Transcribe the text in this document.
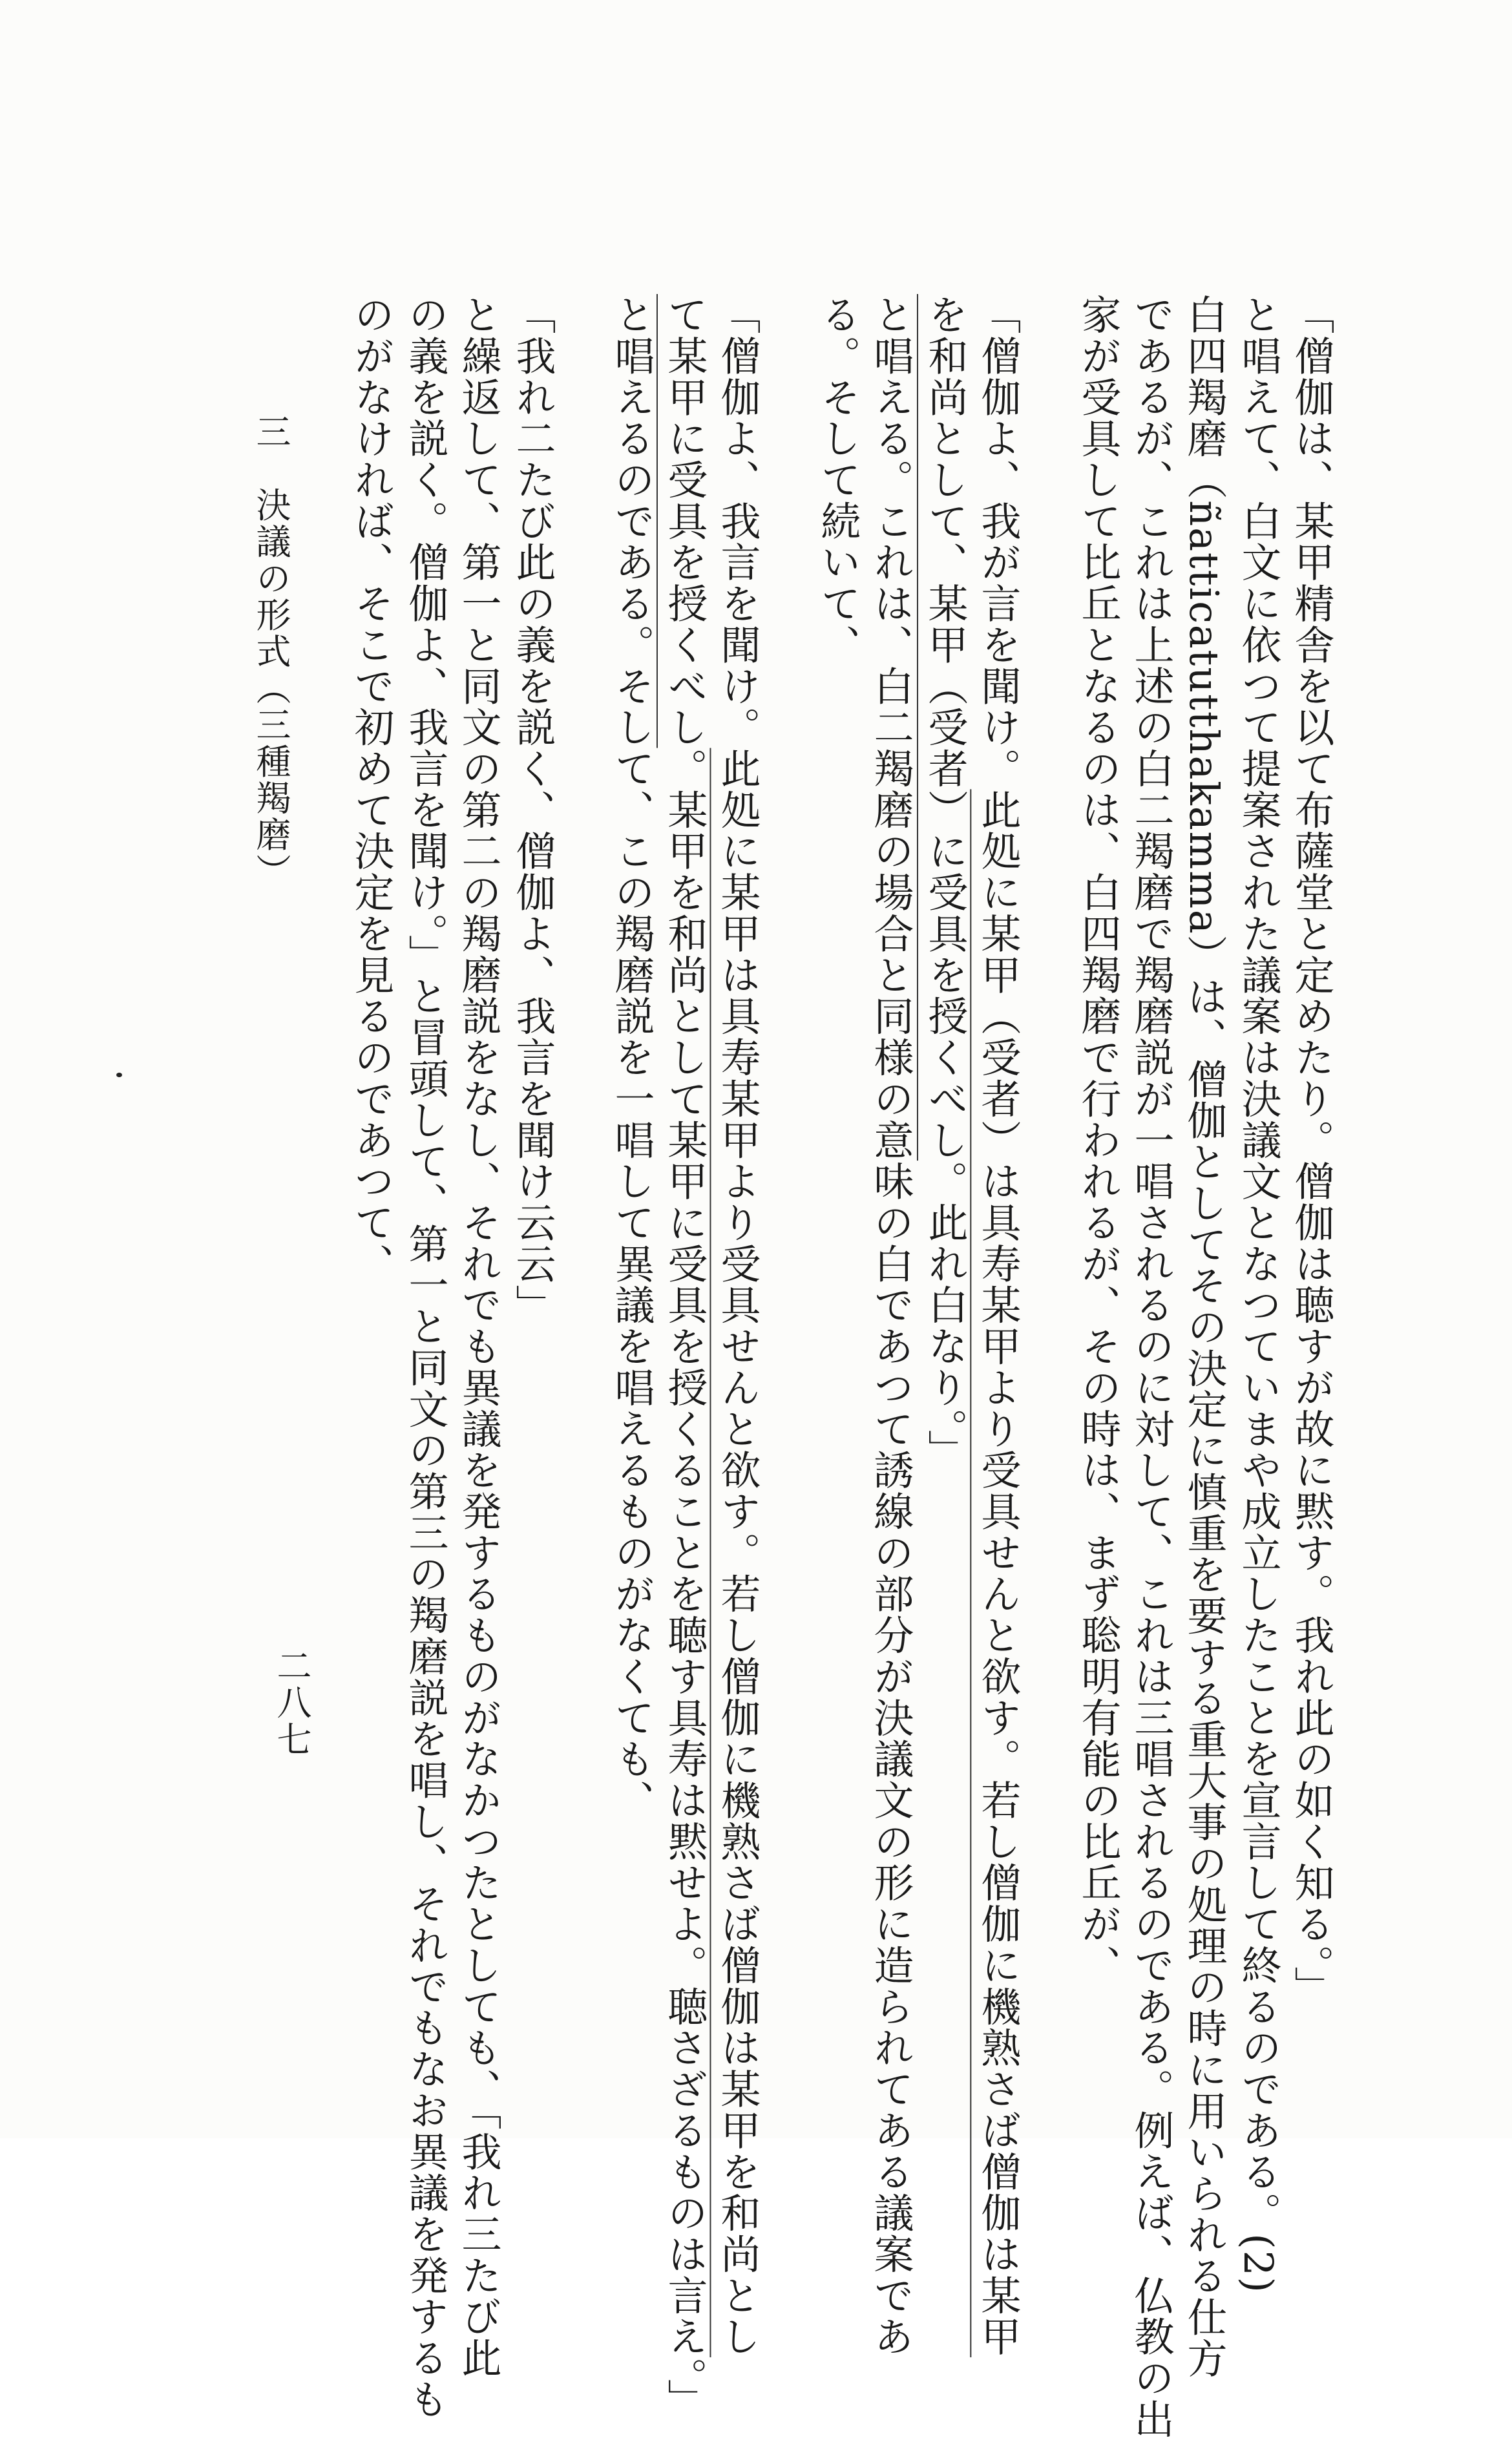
「僧伽は、某甲精舎を以て布薩堂と定めたり。僧伽は聴すが故に黙す。我れ此の如く知る。」
と唱えて、白文に依つて提案された議案は決議文となつていまや成立したことを宣言して終るのである。(2)
白四羯磨（ñatticatutthakamma）は、僧伽としてその決定に慎重を要する重大事の処理の時に用いられる仕方
であるが、これは上述の白二羯磨で羯磨説が一唱されるのに対して、これは三唱されるのである。例えば、仏教の出
家が受具して比丘となるのは、白四羯磨で行われるが、その時は、まず聡明有能の比丘が、
「僧伽よ、我が言を聞け。此処に某甲（受者）は具寿某甲より受具せんと欲す。若し僧伽に機熟さば僧伽は某甲
を和尚として、某甲（受者）に受具を授くべし。此れ白なり。」
と唱える。これは、白二羯磨の場合と同様の意味の白であつて誘線の部分が決議文の形に造られてある議案であ
る。そして続いて、
「僧伽よ、我言を聞け。此処に某甲は具寿某甲より受具せんと欲す。若し僧伽に機熟さば僧伽は某甲を和尚とし
て某甲に受具を授くべし。某甲を和尚として某甲に受具を授くることを聴す具寿は黙せよ。聴さざるものは言え。」
と唱えるのである。そして、この羯磨説を一唱して異議を唱えるものがなくても、
「我れ二たび此の義を説く、僧伽よ、我言を聞け云云」
と繰返して、第一と同文の第二の羯磨説をなし、それでも異議を発するものがなかつたとしても、「我れ三たび此
の義を説く。僧伽よ、我言を聞け。」と冒頭して、第一と同文の第三の羯磨説を唱し、それでもなお異議を発するも
のがなければ、そこで初めて決定を見るのであつて、
三　決議の形式（三種羯磨）
二八七
